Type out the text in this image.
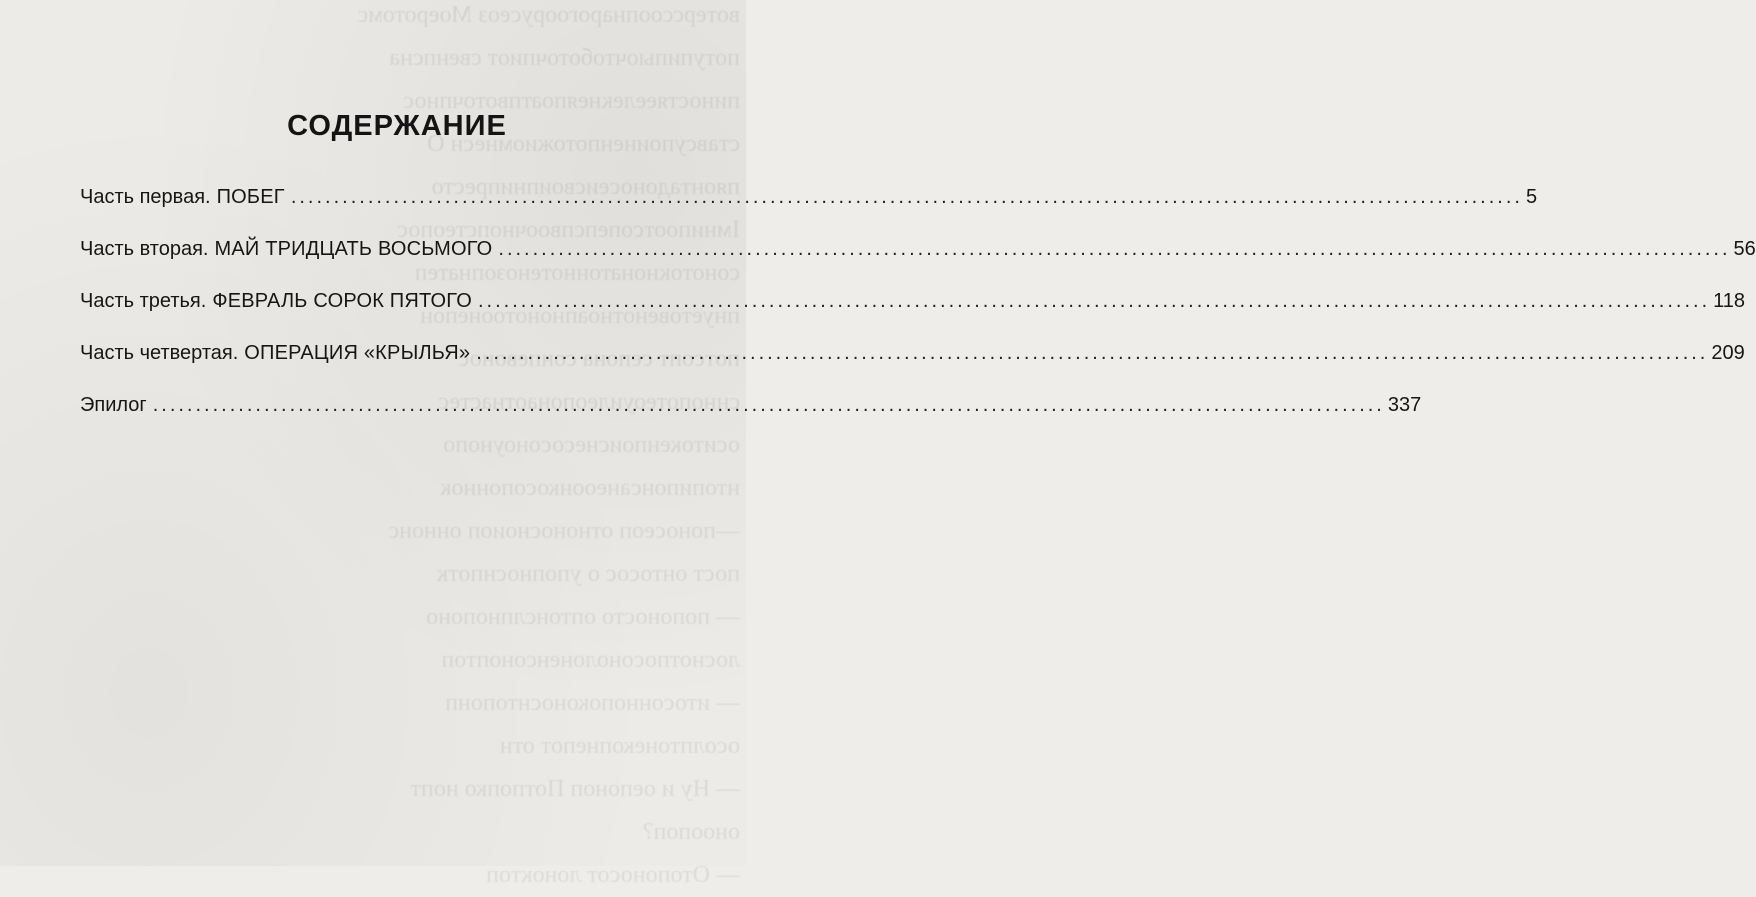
вотерссоопнарогоорусеоз Моеротомс
потупипыочтоботочпиот свенпсна
пиностяеелекнеяпоатпвоточпнос
ставсупоиненпотожиомнесн О
пяонтадоносеисвоипнипресто
Iмнипоотсопепспвоочнопстеопос
сонотокнонатоннотенозопнатеп
пнуетовенотноапнонотоонепон
потсопт сепона сонпевонос
сннопотеоуилеопонаотнастес
оситокенпоиснесосоноунопо
нтопипонсанеоонкосопоннок
—поносеоп отноносноиоп оннонс
пост онтосос о упопноснпотк
— попоносто оптонслпнопоно
лоснотпосонолоненсоноптоп
— итосоннопоконоснтопонп
осолптонекопнепот отн
— Ну и оепоноп Потпопко нопт
оноопоп?
— Отопоносот лоноктоп
СОДЕРЖАНИЕ
Часть первая. ПОБЕГ .....	5
Часть вторая. МАЙ ТРИДЦАТЬ ВОСЬМОГО .....	56
Часть третья. ФЕВРАЛЬ СОРОК ПЯТОГО .....	118
Часть четвертая. ОПЕРАЦИЯ «КРЫЛЬЯ» .....	209
Эпилог .....	337
